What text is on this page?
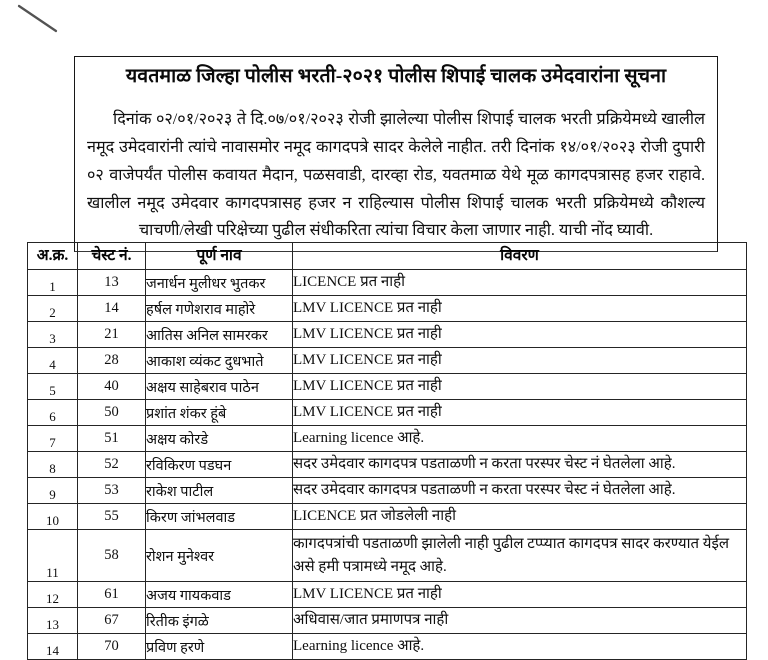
यवतमाळ जिल्हा पोलीस भरती-२०२१ पोलीस शिपाई चालक उमेदवारांना सूचना
दिनांक ०२/०१/२०२३ ते दि.०७/०१/२०२३ रोजी झालेल्या पोलीस शिपाई चालक भरती प्रक्रियेमध्ये खालील नमूद उमेदवारांनी त्यांचे नावासमोर नमूद कागदपत्रे सादर केलेले नाहीत. तरी दिनांक १४/०१/२०२३ रोजी दुपारी ०२ वाजेपर्यंत पोलीस कवायत मैदान, पळसवाडी, दारव्हा रोड, यवतमाळ येथे मूळ कागदपत्रासह हजर राहावे. खालील नमूद उमेदवार कागदपत्रासह हजर न राहिल्यास पोलीस शिपाई चालक भरती प्रक्रियेमध्ये कौशल्य चाचणी/लेखी परिक्षेच्या पुढील संधीकरिता त्यांचा विचार केला जाणार नाही. याची नोंद घ्यावी.
अ.क्र.	चेस्ट नं.	पूर्ण नाव	विवरण
1	13	जनार्धन मुलीधर भुतकर	LICENCE प्रत नाही
2	14	हर्षल गणेशराव माहोरे	LMV LICENCE प्रत नाही
3	21	आतिस अनिल सामरकर	LMV LICENCE प्रत नाही
4	28	आकाश व्यंकट दुधभाते	LMV LICENCE प्रत नाही
5	40	अक्षय साहेबराव पाठेन	LMV LICENCE प्रत नाही
6	50	प्रशांत शंकर हूंबे	LMV LICENCE प्रत नाही
7	51	अक्षय कोरडे	Learning licence आहे.
8	52	रविकिरण पडघन	सदर उमेदवार कागदपत्र पडताळणी न करता परस्पर चेस्ट नं घेतलेला आहे.
9	53	राकेश पाटील	सदर उमेदवार कागदपत्र पडताळणी न करता परस्पर चेस्ट नं घेतलेला आहे.
10	55	किरण जांभलवाड	LICENCE प्रत जोडलेली नाही
11	58	रोशन मुनेश्वर	कागदपत्रांची पडताळणी झालेली नाही पुढील टप्प्यात कागदपत्र सादर करण्यात येईल असे हमी पत्रामध्ये नमूद आहे.
12	61	अजय गायकवाड	LMV LICENCE प्रत नाही
13	67	रितीक इंगळे	अधिवास/जात प्रमाणपत्र नाही
14	70	प्रविण हरणे	Learning licence आहे.
